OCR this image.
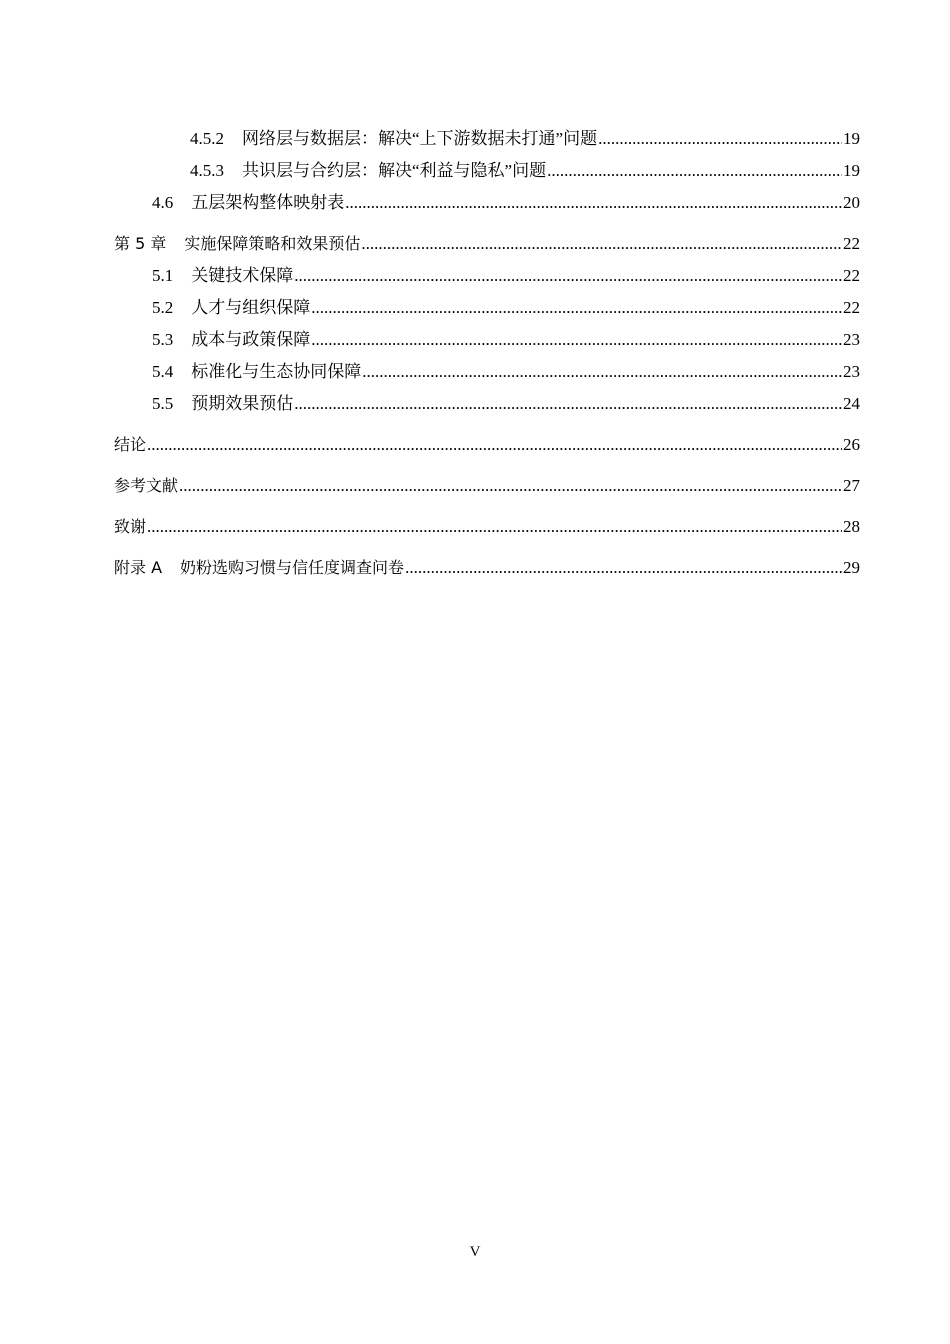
4.5.2 网络层与数据层：解决“上下游数据未打通”问题 .....	19
4.5.3 共识层与合约层：解决“利益与隐私”问题 .....	19
4.6 五层架构整体映射表 .....	20
第 5 章 实施保障策略和效果预估 .....	22
5.1 关键技术保障 .....	22
5.2 人才与组织保障 .....	22
5.3 成本与政策保障 .....	23
5.4 标准化与生态协同保障 .....	23
5.5 预期效果预估 .....	24
结论 .....	26
参考文献 .....	27
致谢 .....	28
附录 A 奶粉选购习惯与信任度调查问卷 .....	29
V
